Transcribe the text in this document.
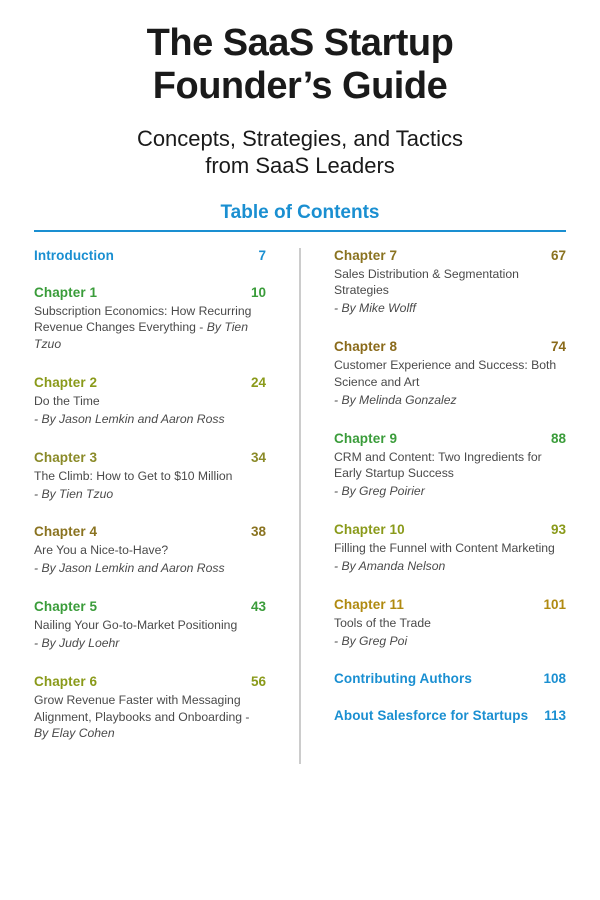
The SaaS Startup
Founder’s Guide

Concepts, Strategies, and Tactics
from SaaS Leaders

Table of Contents
Introduction	7
Chapter 1	10
Subscription Economics: How Recurring Revenue Changes Everything - By Tien Tzuo
Chapter 2	24
Do the Time
- By Jason Lemkin and Aaron Ross
Chapter 3	34
The Climb: How to Get to $10 Million
- By Tien Tzuo
Chapter 4	38
Are You a Nice-to-Have?
- By Jason Lemkin and Aaron Ross
Chapter 5	43
Nailing Your Go-to-Market Positioning
- By Judy Loehr
Chapter 6	56
Grow Revenue Faster with Messaging Alignment, Playbooks and Onboarding - By Elay Cohen
Chapter 7	67
Sales Distribution & Segmentation Strategies
- By Mike Wolff
Chapter 8	74
Customer Experience and Success: Both Science and Art
- By Melinda Gonzalez
Chapter 9	88
CRM and Content: Two Ingredients for Early Startup Success
- By Greg Poirier
Chapter 10	93
Filling the Funnel with Content Marketing
- By Amanda Nelson
Chapter 11	101
Tools of the Trade
- By Greg Poi
Contributing Authors	108
About Salesforce for Startups	113
